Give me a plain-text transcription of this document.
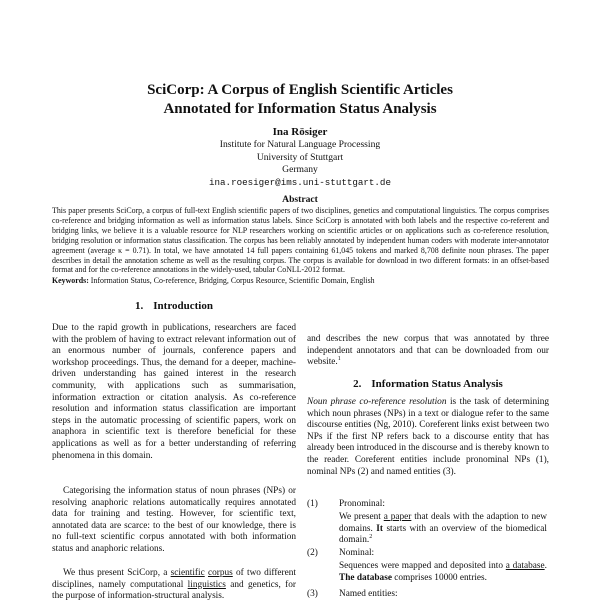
SciCorp: A Corpus of English Scientific Articles
Annotated for Information Status Analysis
Ina Rösiger
Institute for Natural Language Processing
University of Stuttgart
Germany
ina.roesiger@ims.uni-stuttgart.de
Abstract
This paper presents SciCorp, a corpus of full-text English scientific papers of two disciplines, genetics and computational linguistics. The corpus comprises co-reference and bridging information as well as information status labels. Since SciCorp is annotated with both labels and the respective co-referent and bridging links, we believe it is a valuable resource for NLP researchers working on scientific articles or on applications such as co-reference resolution, bridging resolution or information status classification. The corpus has been reliably annotated by independent human coders with moderate inter-annotator agreement (average κ = 0.71). In total, we have annotated 14 full papers containing 61,045 tokens and marked 8,708 definite noun phrases. The paper describes in detail the annotation scheme as well as the resulting corpus. The corpus is available for download in two different formats: in an offset-based format and for the co-reference annotations in the widely-used, tabular CoNLL-2012 format.
Keywords: Information Status, Co-reference, Bridging, Corpus Resource, Scientific Domain, English
1. Introduction
Due to the rapid growth in publications, researchers are faced with the problem of having to extract relevant information out of an enormous number of journals, conference papers and workshop proceedings. Thus, the demand for a deeper, machine-driven understanding has gained interest in the research community, with applications such as summarisation, information extraction or citation analysis. As co-reference resolution and information status classification are important steps in the automatic processing of scientific papers, work on anaphora in scientific text is therefore beneficial for these applications as well as for a better understanding of referring phenomena in this domain.
Categorising the information status of noun phrases (NPs) or resolving anaphoric relations automatically requires annotated data for training and testing. However, for scientific text, annotated data are scarce: to the best of our knowledge, there is no full-text scientific corpus annotated with both information status and anaphoric relations.
We thus present SciCorp, a scientific corpus of two different disciplines, namely computational linguistics and genetics, for the purpose of information-structural analysis.
and describes the new corpus that was annotated by three independent annotators and that can be downloaded from our website.$^1$
2. Information Status Analysis
Noun phrase co-reference resolution is the task of determining which noun phrases (NPs) in a text or dialogue refer to the same discourse entities (Ng, 2010). Coreferent links exist between two NPs if the first NP refers back to a discourse entity that has already been introduced in the discourse and is thereby known to the reader. Coreferent entities include pronominal NPs (1), nominal NPs (2) and named entities (3).
(1) Pronominal:
We present a paper that deals with the adaption to new domains. It starts with an overview of the biomedical domain.$^2$
(2) Nominal:
Sequences were mapped and deposited into a database. The database comprises 10000 entries.
(3) Named entities:
